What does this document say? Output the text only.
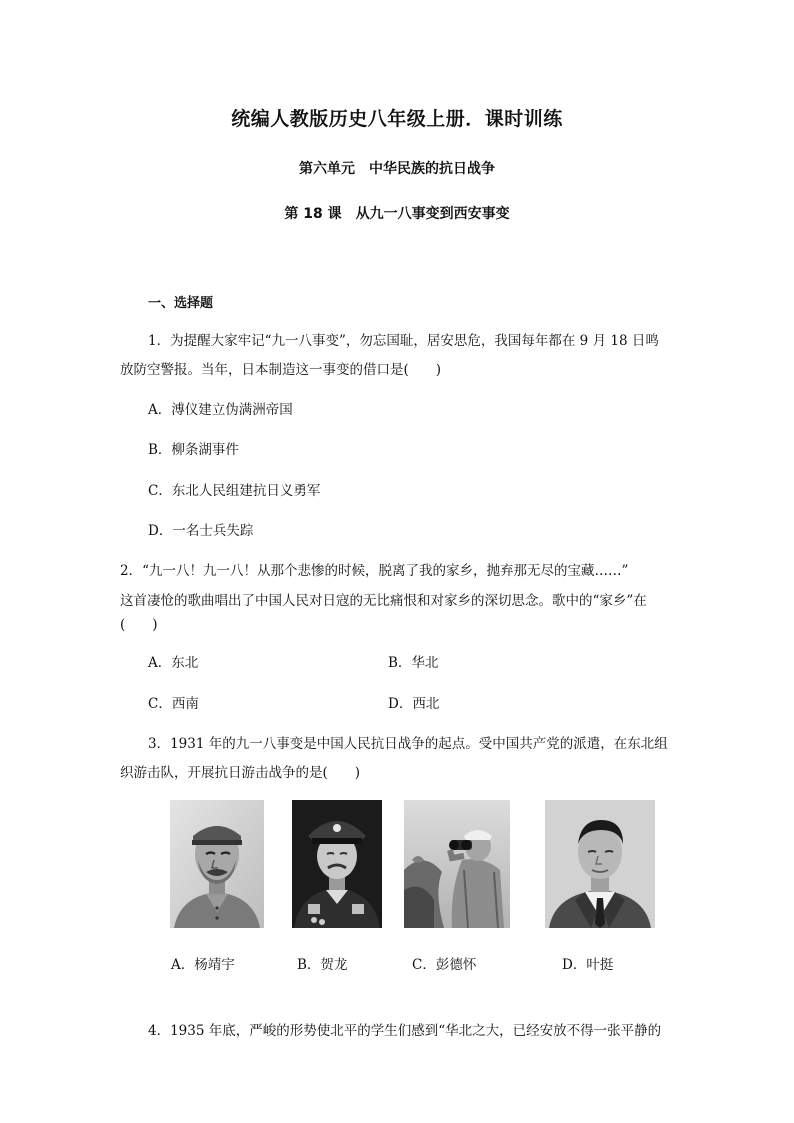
统编人教版历史八年级上册．课时训练
第六单元　中华民族的抗日战争
第 18 课　从九一八事变到西安事变
一、选择题
1．为提醒大家牢记“九一八事变”，勿忘国耻，居安思危，我国每年都在 9 月 18 日鸣
放防空警报。当年，日本制造这一事变的借口是(　　)
A．溥仪建立伪满洲帝国
B．柳条湖事件
C．东北人民组建抗日义勇军
D．一名士兵失踪
2．“九一八！九一八！从那个悲惨的时候，脱离了我的家乡，抛弃那无尽的宝藏……”
这首凄怆的歌曲唱出了中国人民对日寇的无比痛恨和对家乡的深切思念。歌中的“家乡”在
(　　)
A．东北	B．华北
C．西南	D．西北
3．1931 年的九一八事变是中国人民抗日战争的起点。受中国共产党的派遣，在东北组
织游击队，开展抗日游击战争的是(　　)
A．杨靖宇	B．贺龙	C．彭德怀	D．叶挺
4．1935 年底，严峻的形势使北平的学生们感到“华北之大，已经安放不得一张平静的
